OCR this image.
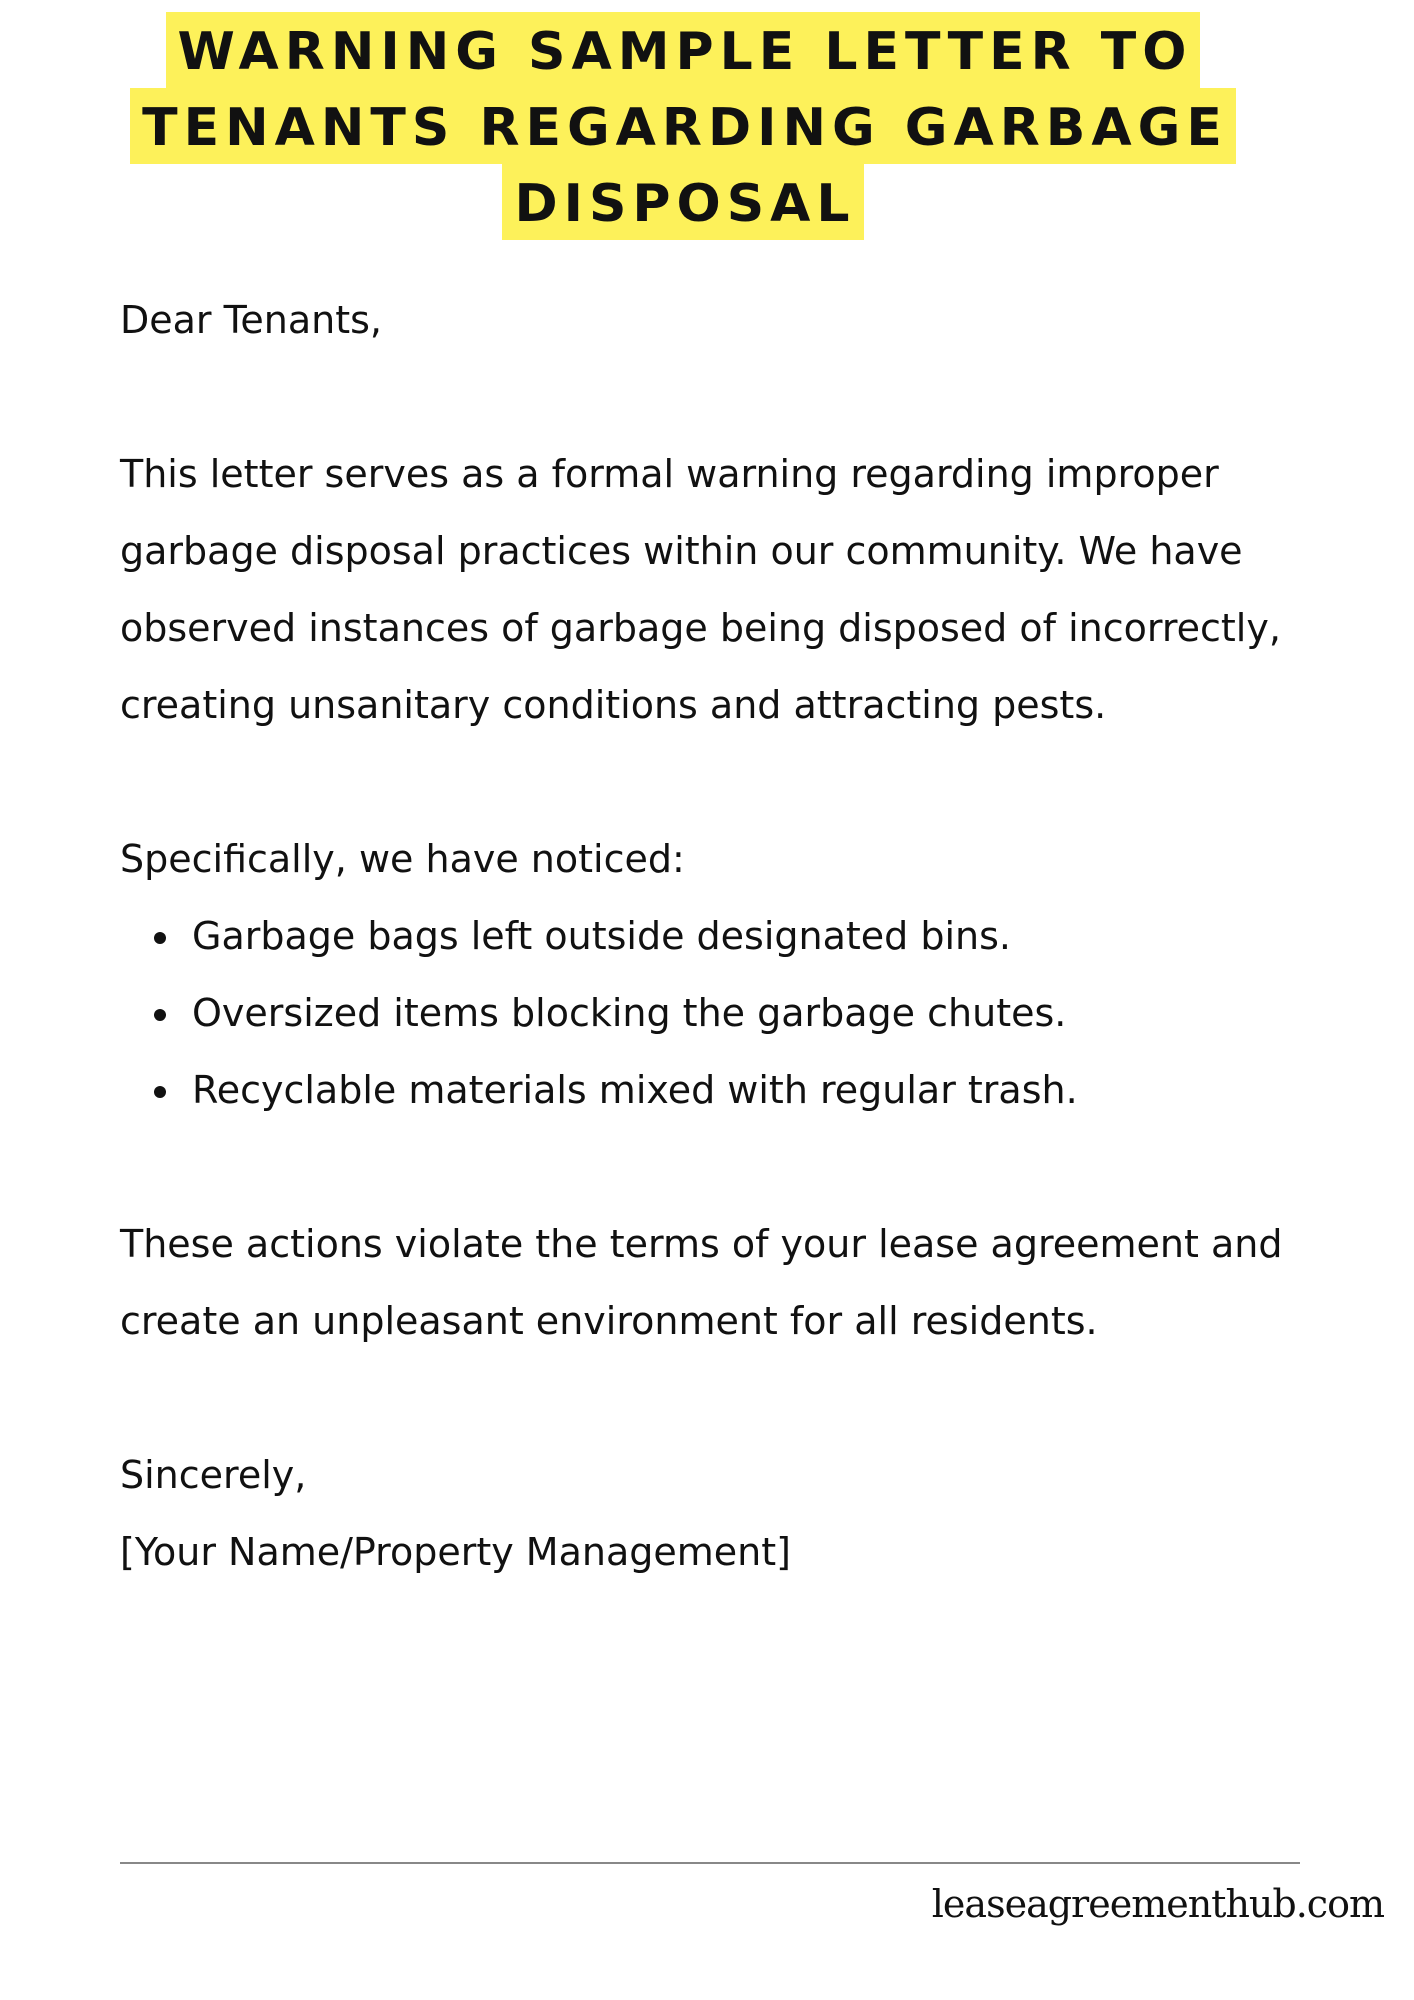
WARNING SAMPLE LETTER TO
TENANTS REGARDING GARBAGE
DISPOSAL

Dear Tenants,

This letter serves as a formal warning regarding improper garbage disposal practices within our community. We have observed instances of garbage being disposed of incorrectly, creating unsanitary conditions and attracting pests.

Specifically, we have noticed:

Garbage bags left outside designated bins.
Oversized items blocking the garbage chutes.
Recyclable materials mixed with regular trash.

These actions violate the terms of your lease agreement and create an unpleasant environment for all residents.

Sincerely,

[Your Name/Property Management]

leaseagreementhub.com
